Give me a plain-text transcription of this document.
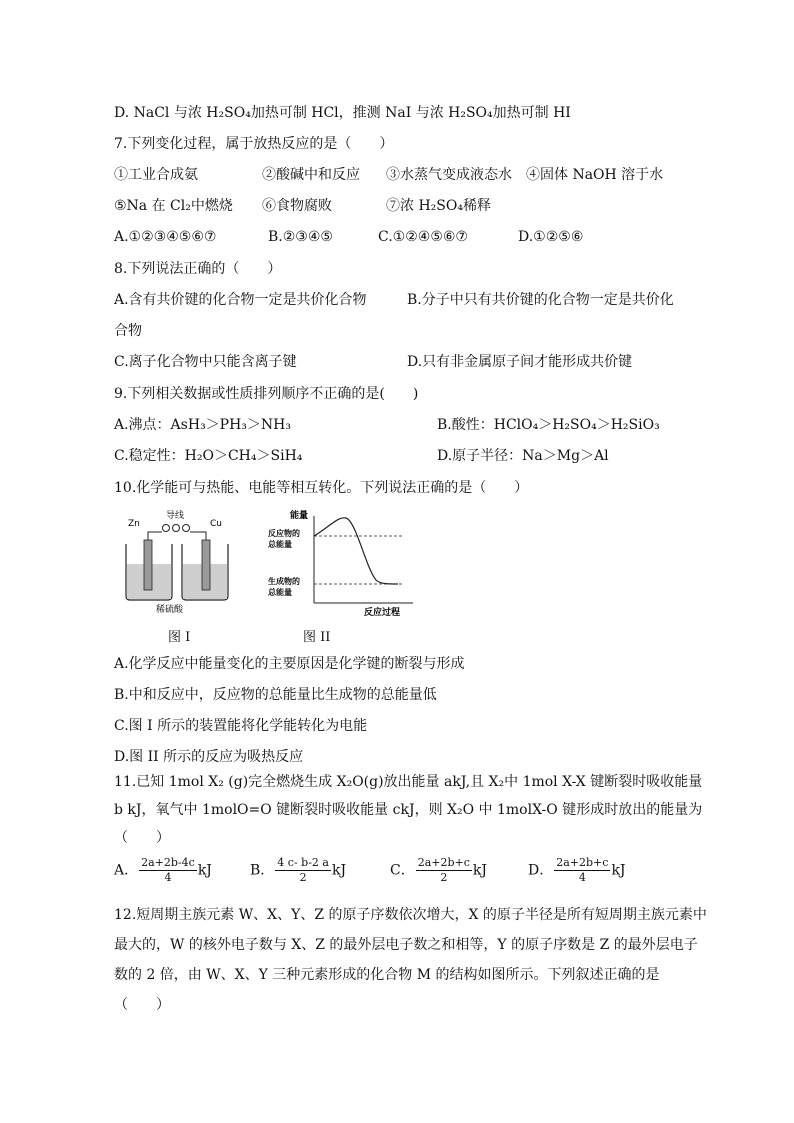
D. NaCl 与浓 H₂SO₄加热可制 HCl，推测 NaI 与浓 H₂SO₄加热可制 HI
7.下列变化过程，属于放热反应的是（　　）
①工业合成氨	②酸碱中和反应 ③水蒸气变成液态水 ④固体 NaOH 溶于水
⑤Na 在 Cl₂中燃烧 ⑥食物腐败	⑦浓 H₂SO₄稀释
A.①②③④⑤⑥⑦	B.②③④⑤	C.①②④⑤⑥⑦	D.①②⑤⑥
8.下列说法正确的（　　）
A.含有共价键的化合物一定是共价化合物	B.分子中只有共价键的化合物一定是共价化
合物
C.离子化合物中只能含离子键	D.只有非金属原子间才能形成共价键
9.下列相关数据或性质排列顺序不正确的是(　　)
A.沸点：AsH₃＞PH₃＞NH₃	B.酸性：HClO₄＞H₂SO₄＞H₂SiO₃
C.稳定性：H₂O＞CH₄＞SiH₄	D.原子半径：Na＞Mg＞Al
10.化学能可与热能、电能等相互转化。下列说法正确的是（　　）
Zn	Cu
导线
稀硫酸
图 I
能量
反应物的
总能量
生成物的
总能量
反应过程
图 II
A.化学反应中能量变化的主要原因是化学键的断裂与形成
B.中和反应中，反应物的总能量比生成物的总能量低
C.图 I 所示的装置能将化学能转化为电能
D.图 II 所示的反应为吸热反应
11.已知 1mol X₂ (g)完全燃烧生成 X₂O(g)放出能量 akJ,且 X₂中 1mol X-X 键断裂时吸收能量
b kJ，氧气中 1molO=O 键断裂时吸收能量 ckJ，则 X₂O 中 1molX-O 键形成时放出的能量为
（　　）
A． $\frac{2a+2b-4c}{4}$ kJ	B． $\frac{4 c- b-2 a}{2}$ kJ	C． $\frac{2a+2b+c}{2}$ kJ	D． $\frac{2a+2b+c}{4}$ kJ
12.短周期主族元素 W、X、Y、Z 的原子序数依次增大，X 的原子半径是所有短周期主族元素中
最大的，W 的核外电子数与 X、Z 的最外层电子数之和相等，Y 的原子序数是 Z 的最外层电子
数的 2 倍，由 W、X、Y 三种元素形成的化合物 M 的结构如图所示。下列叙述正确的是
（　　）
